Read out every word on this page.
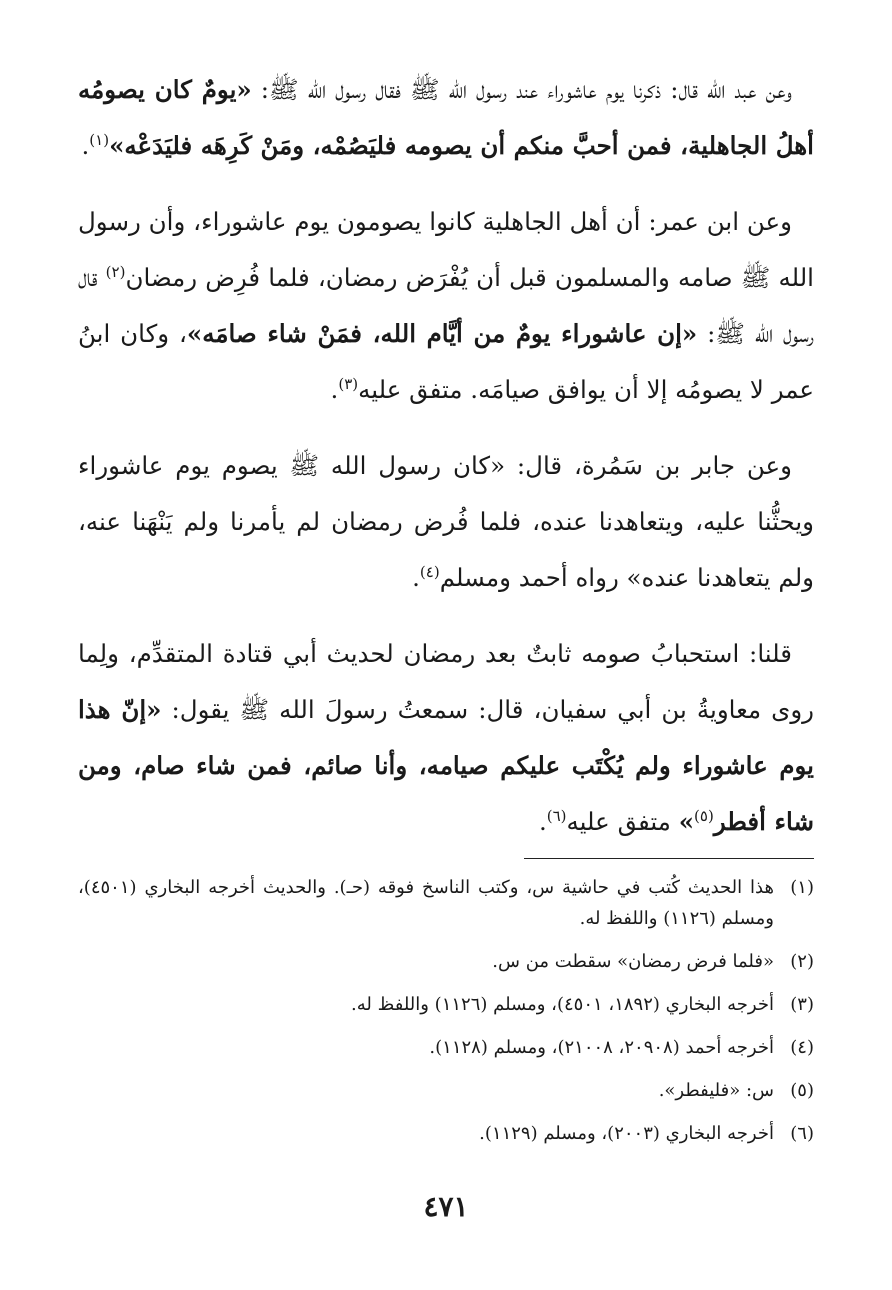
وعن عبد الله قال: ذكرنا يوم عاشوراء عند رسول الله ﷺ فقال رسول الله ﷺ: «يومٌ كان يصومُه أهلُ الجاهلية، فمن أحبَّ منكم أن يصومه فليَصُمْه، ومَنْ كَرِهَه فليَدَعْه»$^{(١)}$.

وعن ابن عمر: أن أهل الجاهلية كانوا يصومون يوم عاشوراء، وأن رسول الله ﷺ صامه والمسلمون قبل أن يُفْرَض رمضان، فلما فُرِض رمضان$^{(٢)}$ قال رسول الله ﷺ: «إن عاشوراء يومٌ من أيَّام الله، فمَنْ شاء صامَه»، وكان ابنُ عمر لا يصومُه إلا أن يوافق صيامَه. متفق عليه$^{(٣)}$.

وعن جابر بن سَمُرة، قال: «كان رسول الله ﷺ يصوم يوم عاشوراء ويحثُّنا عليه، ويتعاهدنا عنده، فلما فُرض رمضان لم يأمرنا ولم يَنْهَنا عنه، ولم يتعاهدنا عنده» رواه أحمد ومسلم$^{(٤)}$.

قلنا: استحبابُ صومه ثابتٌ بعد رمضان لحديث أبي قتادة المتقدِّم، ولِما روى معاويةُ بن أبي سفيان، قال: سمعتُ رسولَ الله ﷺ يقول: «إنّ هذا يوم عاشوراء ولم يُكْتَب عليكم صيامه، وأنا صائم، فمن شاء صام، ومن شاء أفطر$^{(٥)}$» متفق عليه$^{(٦)}$.

(١)
هذا الحديث كُتب في حاشية س، وكتب الناسخ فوقه (حـ). والحديث أخرجه البخاري (٤٥٠١)، ومسلم (١١٢٦) واللفظ له.
(٢)
«فلما فرض رمضان» سقطت من س.
(٣)
أخرجه البخاري (١٨٩٢، ٤٥٠١)، ومسلم (١١٢٦) واللفظ له.
(٤)
أخرجه أحمد (٢٠٩٠٨، ٢١٠٠٨)، ومسلم (١١٢٨).
(٥)
س: «فليفطر».
(٦)
أخرجه البخاري (٢٠٠٣)، ومسلم (١١٢٩).
٤٧١
